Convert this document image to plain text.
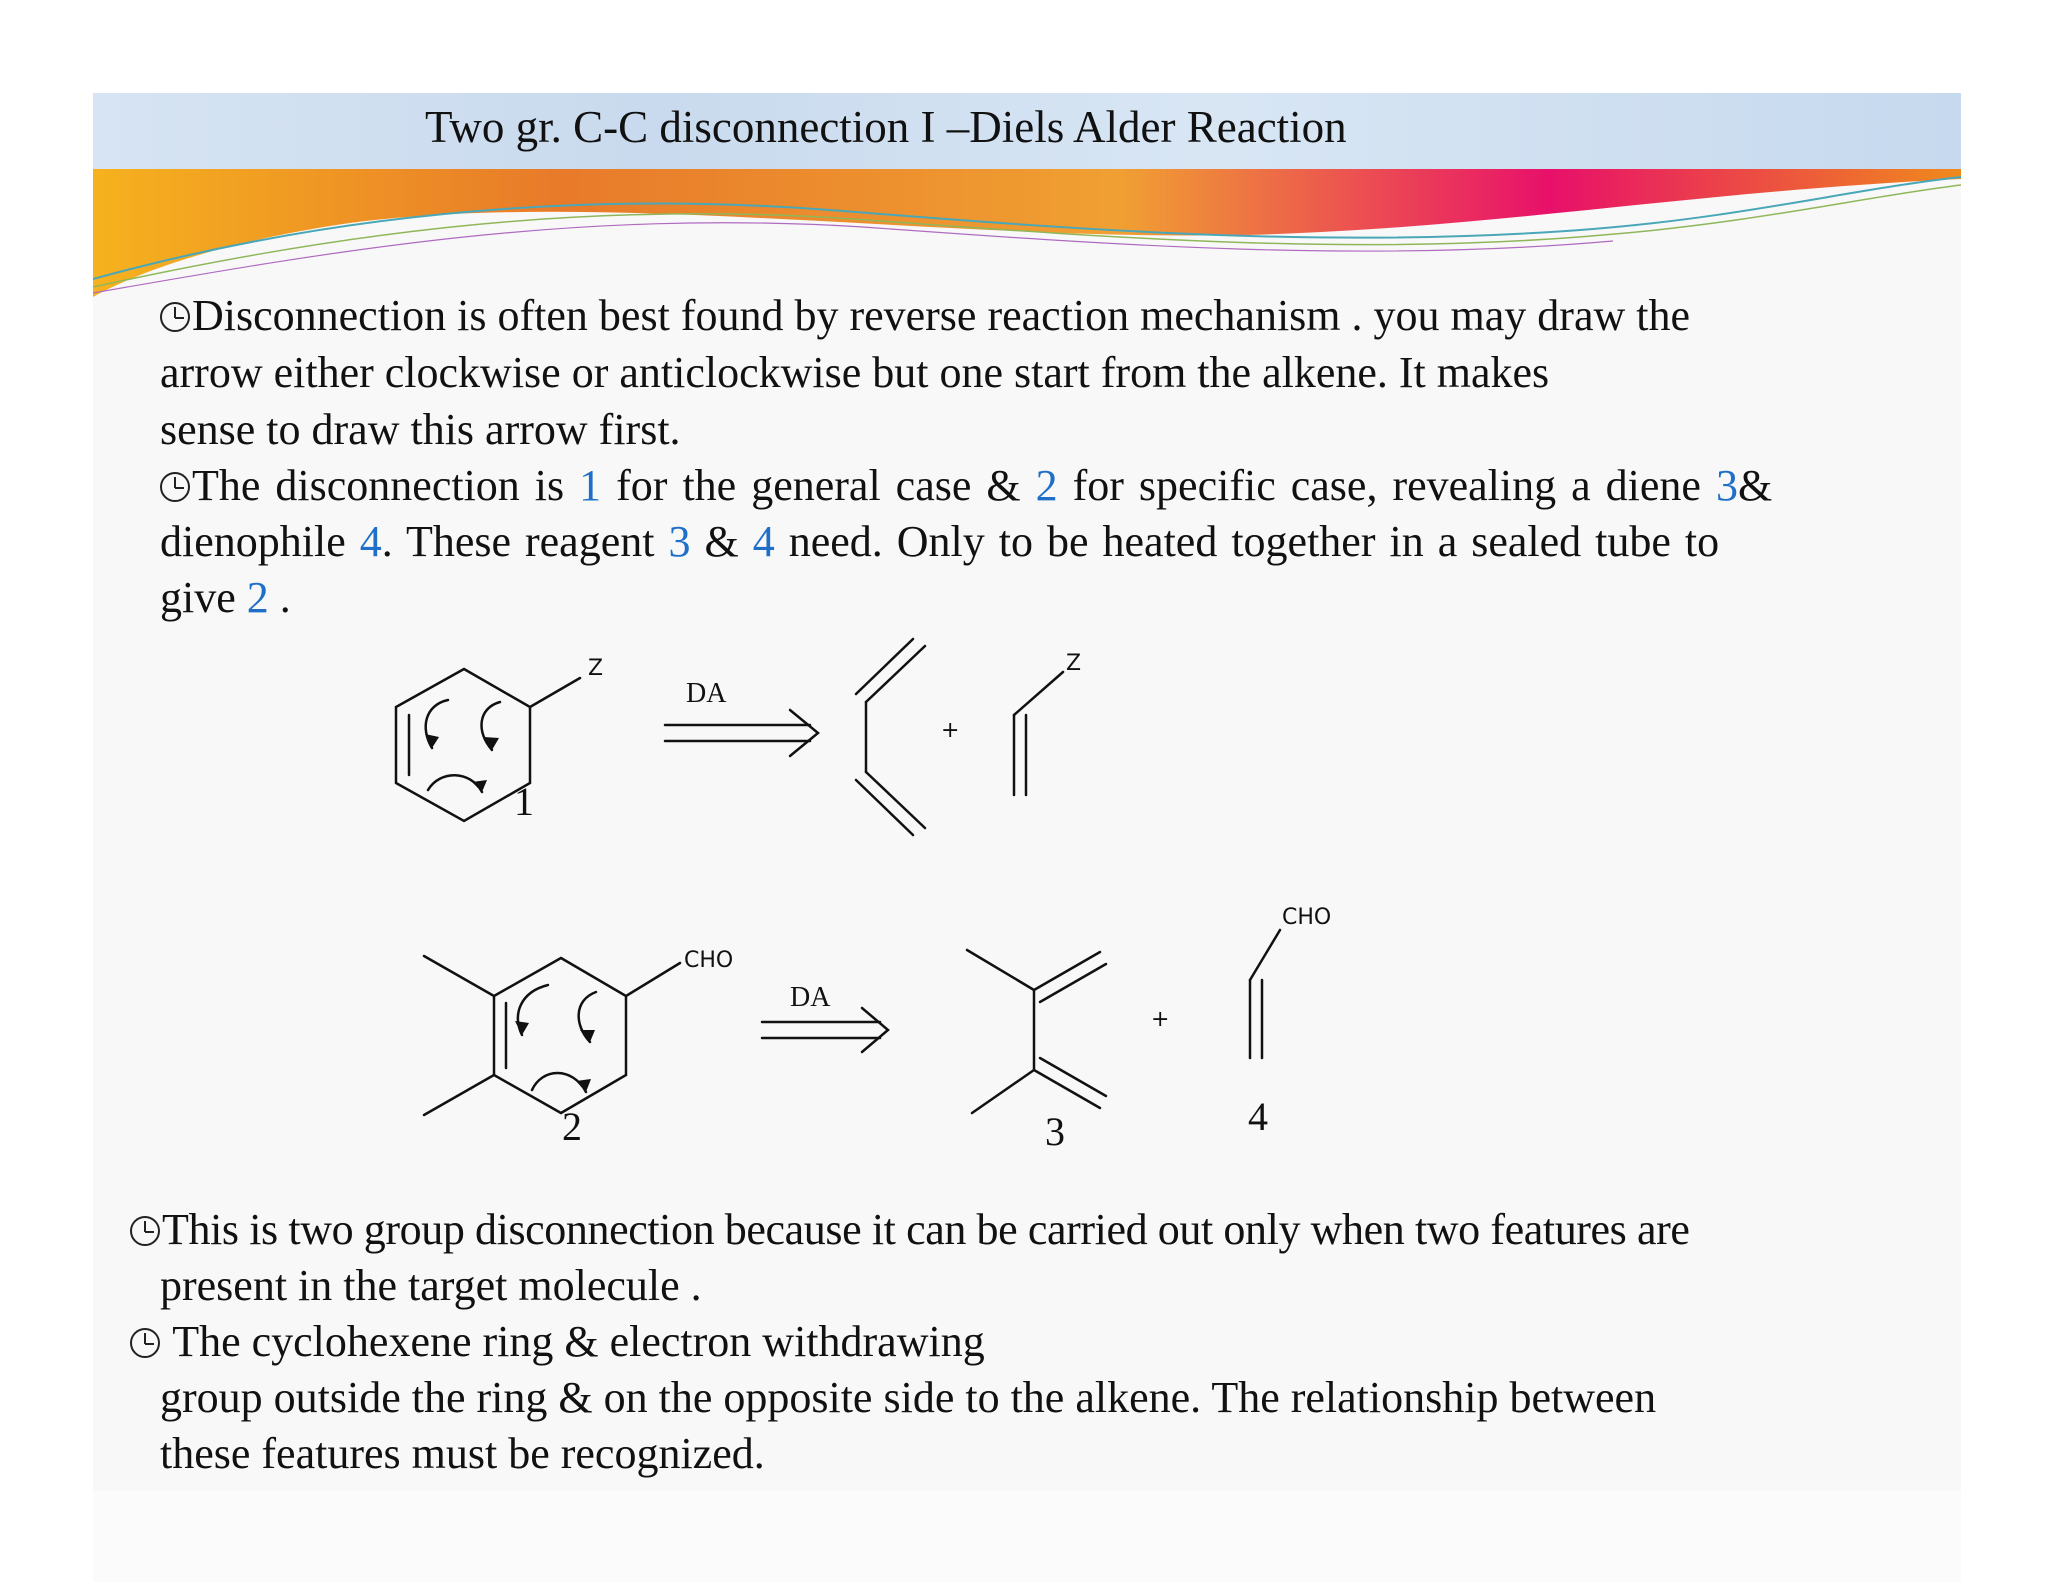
Two gr. C-C disconnection I –Diels Alder Reaction
Disconnection is often best found by reverse reaction mechanism . you may draw the
arrow either clockwise or anticlockwise but one start from the alkene. It makes
sense to draw this arrow first.
The disconnection is 1 for the general case & 2 for specific case, revealing a diene 3&
dienophile 4. These reagent 3 & 4 need. Only to be heated together in a sealed tube to
give 2 .
Z
1
DA
+
Z
CHO
2
DA
+
3
CHO
4
This is two group disconnection because it can be carried out only when two features are
present in the target molecule .
The cyclohexene ring & electron withdrawing
group outside the ring & on the opposite side to the alkene. The relationship between
these features must be recognized.
